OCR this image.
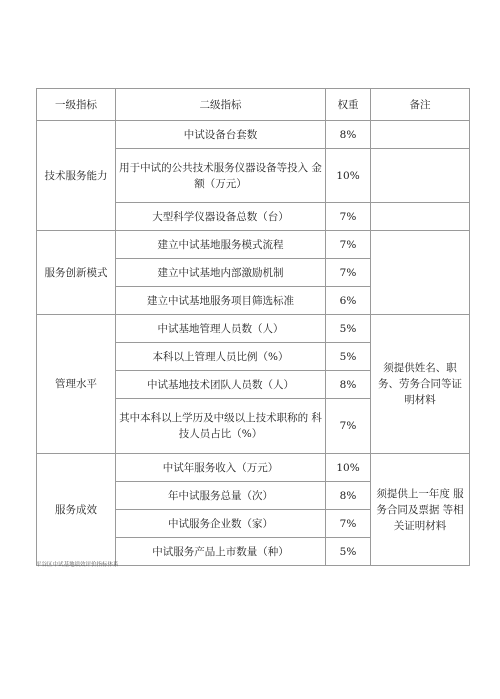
一级指标	二级指标	权重	备注
技术服务能力	中试设备台套数	8%	
	用于中试的公共技术服务仪器设备等投入 金额（万元）	10%	
	大型科学仪器设备总数（台）	7%	
服务创新模式	建立中试基地服务模式流程	7%	
	建立中试基地内部激励机制	7%	
	建立中试基地服务项目筛选标准	6%	
管理水平	中试基地管理人员数（人）	5%	须提供姓名、职务、劳务合同等证明材料
	本科以上管理人员比例（%）	5%	
	中试基地技术团队人员数（人）	8%	
	其中本科以上学历及中级以上技术职称的 科技人员占比（%）	7%	
服务成效	中试年服务收入（万元）	10%	须提供上一年度 服务合同及票据 等相关证明材料
	年中试服务总量（次）	8%	
	中试服务企业数（家）	7%	
	中试服务产品上市数量（种）	5%	
平谷区中试基地绩效评价指标体系
